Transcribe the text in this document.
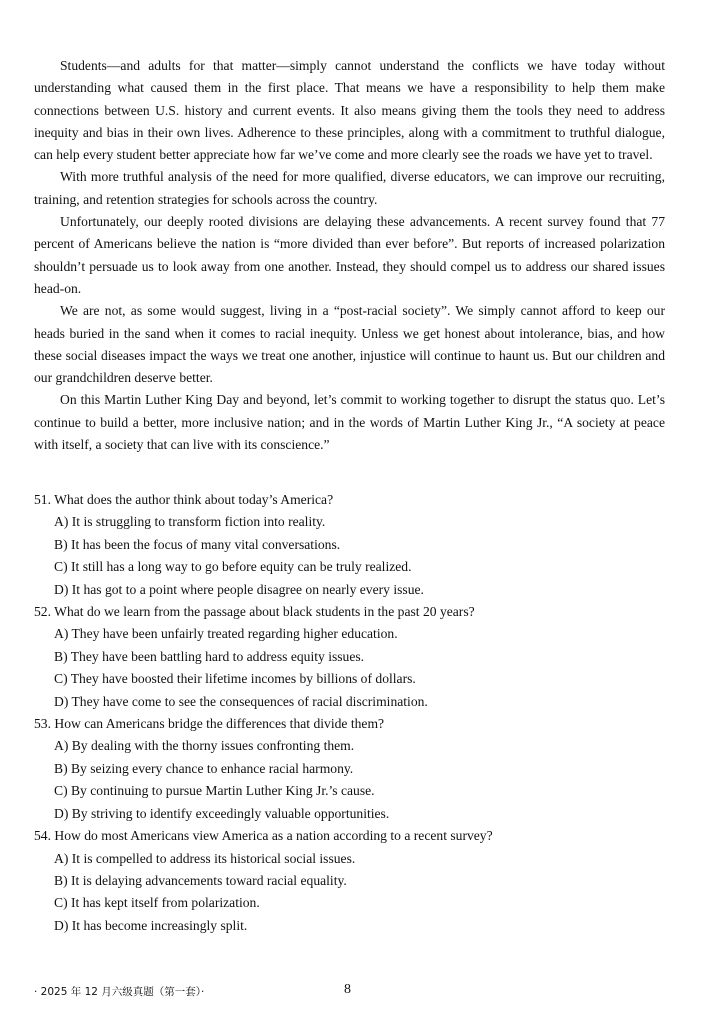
Students—and adults for that matter—simply cannot understand the conflicts we have today without understanding what caused them in the first place. That means we have a responsibility to help them make connections between U.S. history and current events. It also means giving them the tools they need to address inequity and bias in their own lives. Adherence to these principles, along with a commitment to truthful dialogue, can help every student better appreciate how far we’ve come and more clearly see the roads we have yet to travel.

With more truthful analysis of the need for more qualified, diverse educators, we can improve our recruiting, training, and retention strategies for schools across the country.

Unfortunately, our deeply rooted divisions are delaying these advancements. A recent survey found that 77 percent of Americans believe the nation is “more divided than ever before”. But reports of increased polarization shouldn’t persuade us to look away from one another. Instead, they should compel us to address our shared issues head-on.

We are not, as some would suggest, living in a “post-racial society”. We simply cannot afford to keep our heads buried in the sand when it comes to racial inequity. Unless we get honest about intolerance, bias, and how these social diseases impact the ways we treat one another, injustice will continue to haunt us. But our children and our grandchildren deserve better.

On this Martin Luther King Day and beyond, let’s commit to working together to disrupt the status quo. Let’s continue to build a better, more inclusive nation; and in the words of Martin Luther King Jr., “A society at peace with itself, a society that can live with its conscience.”

51. What does the author think about today’s America?

A) It is struggling to transform fiction into reality.

B) It has been the focus of many vital conversations.

C) It still has a long way to go before equity can be truly realized.

D) It has got to a point where people disagree on nearly every issue.

52. What do we learn from the passage about black students in the past 20 years?

A) They have been unfairly treated regarding higher education.

B) They have been battling hard to address equity issues.

C) They have boosted their lifetime incomes by billions of dollars.

D) They have come to see the consequences of racial discrimination.

53. How can Americans bridge the differences that divide them?

A) By dealing with the thorny issues confronting them.

B) By seizing every chance to enhance racial harmony.

C) By continuing to pursue Martin Luther King Jr.’s cause.

D) By striving to identify exceedingly valuable opportunities.

54. How do most Americans view America as a nation according to a recent survey?

A) It is compelled to address its historical social issues.

B) It is delaying advancements toward racial equality.

C) It has kept itself from polarization.

D) It has become increasingly split.

· 2025 年 12 月六级真题（第一套）·	8
